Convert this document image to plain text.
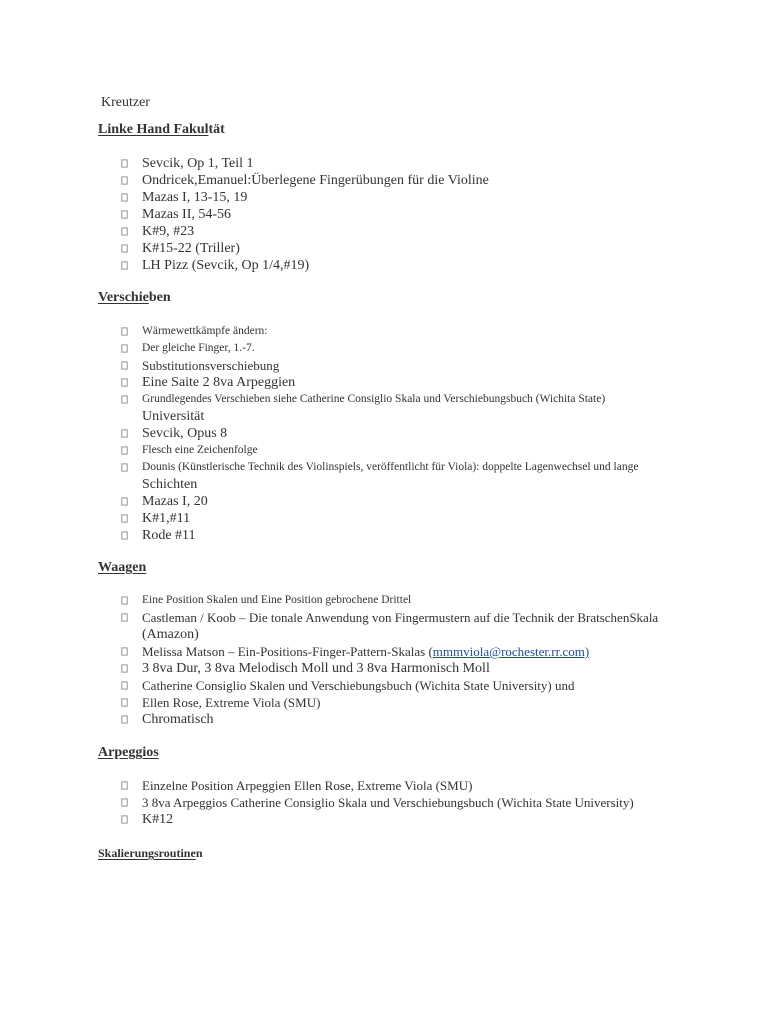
Kreutzer
Linke Hand Fakultät
Sevcik, Op 1, Teil 1
Ondricek,Emanuel:Überlegene Fingerübungen für die Violine
Mazas I, 13-15, 19
Mazas II, 54-56
K#9, #23
K#15-22 (Triller)
LH Pizz (Sevcik, Op 1/4,#19)
Verschieben
Wärmewettkämpfe ändern:
Der gleiche Finger, 1.-7.
Substitutionsverschiebung
Eine Saite 2 8va Arpeggien
Grundlegendes Verschieben siehe Catherine Consiglio Skala und Verschiebungsbuch (Wichita State)
Universität
Sevcik, Opus 8
Flesch eine Zeichenfolge
Dounis (Künstlerische Technik des Violinspiels, veröffentlicht für Viola): doppelte Lagenwechsel und lange
Schichten
Mazas I, 20
K#1,#11
Rode #11
Waagen
Eine Position Skalen und Eine Position gebrochene Drittel
Castleman / Koob – Die tonale Anwendung von Fingermustern auf die Technik der BratschenSkala
(Amazon)
Melissa Matson – Ein-Positions-Finger-Pattern-Skalas (mmmviola@rochester.rr.com)
3 8va Dur, 3 8va Melodisch Moll und 3 8va Harmonisch Moll
Catherine Consiglio Skalen und Verschiebungsbuch (Wichita State University) und
Ellen Rose, Extreme Viola (SMU)
Chromatisch
Arpeggios
Einzelne Position Arpeggien Ellen Rose, Extreme Viola (SMU)
3 8va Arpeggios Catherine Consiglio Skala und Verschiebungsbuch (Wichita State University)
K#12
Skalierungsroutinen
